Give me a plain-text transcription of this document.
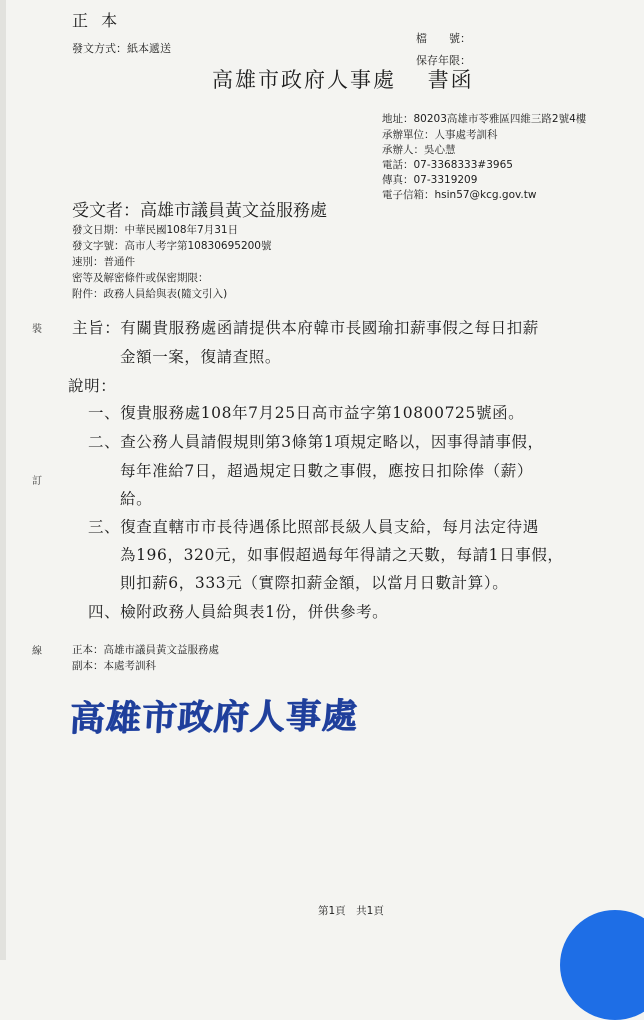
正 本
發文方式：紙本遞送
檔　　號：
保存年限：
高雄市政府人事處　 書函
地址：80203高雄市苓雅區四維三路2號4樓
承辦單位：人事處考訓科
承辦人：吳心慧
電話：07-3368333#3965
傳真：07-3319209
電子信箱：hsin57@kcg.gov.tw
受文者：高雄市議員黃文益服務處
發文日期：中華民國108年7月31日
發文字號：高市人考字第10830695200號
速別：普通件
密等及解密條件或保密期限：
附件：政務人員給與表(隨文引入)
裝
訂
線
主旨：有關貴服務處函請提供本府韓市長國瑜扣薪事假之每日扣薪
金額一案，復請查照。
說明：
一、復貴服務處108年7月25日高市益字第10800725號函。
二、查公務人員請假規則第3條第1項規定略以，因事得請事假，
每年准給7日，超過規定日數之事假，應按日扣除俸（薪）
給。
三、復查直轄市市長待遇係比照部長級人員支給，每月法定待遇
為196，320元，如事假超過每年得請之天數，每請1日事假，
則扣薪6，333元（實際扣薪金額，以當月日數計算）。
四、檢附政務人員給與表1份，併供參考。
正本：高雄市議員黃文益服務處
副本：本處考訓科
高雄市政府人事處
第1頁　共1頁
